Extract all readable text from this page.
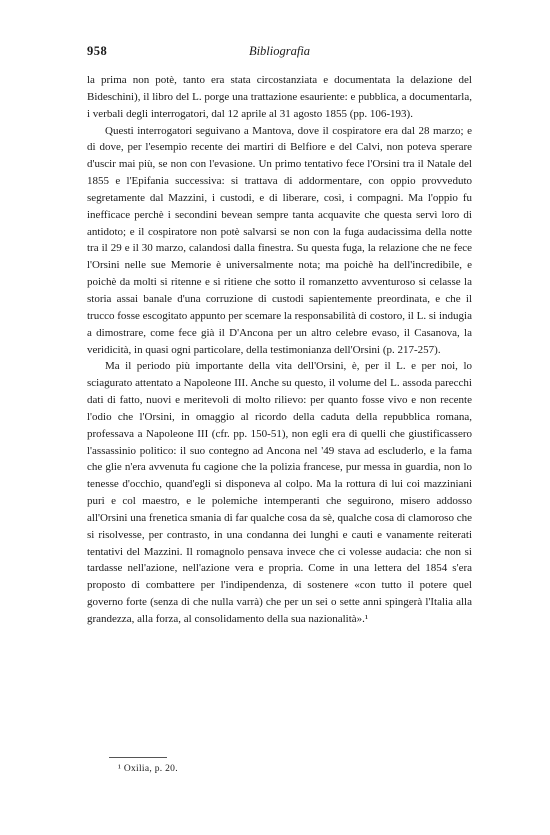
958	Bibliografia

la prima non potè, tanto era stata circostanziata e documentata la delazione del Bideschini), il libro del L. porge una trattazione esauriente: e pubblica, a documentarla, i verbali degli interrogatori, dal 12 aprile al 31 agosto 1855 (pp. 106-193).

Questi interrogatori seguivano a Mantova, dove il cospiratore era dal 28 marzo; e di dove, per l'esempio recente dei martiri di Belfiore e del Calvi, non poteva sperare d'uscir mai più, se non con l'evasione. Un primo tentativo fece l'Orsini tra il Natale del 1855 e l'Epifania successiva: si trattava di addormentare, con oppio provveduto segretamente dal Mazzini, i custodi, e di liberare, così, i compagni. Ma l'oppio fu inefficace perchè i secondini bevean sempre tanta acquavite che questa servì loro di antidoto; e il cospiratore non potè salvarsi se non con la fuga audacissima della notte tra il 29 e il 30 marzo, calandosi dalla finestra. Su questa fuga, la relazione che ne fece l'Orsini nelle sue Memorie è universalmente nota; ma poichè ha dell'incredibile, e poichè da molti si ritenne e si ritiene che sotto il romanzetto avventuroso si celasse la storia assai banale d'una corruzione di custodi sapientemente preordinata, e che il trucco fosse escogitato appunto per scemare la responsabilità di costoro, il L. si indugia a dimostrare, come fece già il D'Ancona per un altro celebre evaso, il Casanova, la veridicità, in quasi ogni particolare, della testimonianza dell'Orsini (p. 217-257).

Ma il periodo più importante della vita dell'Orsini, è, per il L. e per noi, lo sciagurato attentato a Napoleone III. Anche su questo, il volume del L. assoda parecchi dati di fatto, nuovi e meritevoli di molto rilievo: per quanto fosse vivo e non recente l'odio che l'Orsini, in omaggio al ricordo della caduta della repubblica romana, professava a Napoleone III (cfr. pp. 150-51), non egli era di quelli che giustificassero l'assassinio politico: il suo contegno ad Ancona nel '49 stava ad escluderlo, e la fama che glie n'era avvenuta fu cagione che la polizia francese, pur messa in guardia, non lo tenesse d'occhio, quand'egli si disponeva al colpo. Ma la rottura di lui coi mazziniani puri e col maestro, e le polemiche intemperanti che seguirono, misero addosso all'Orsini una frenetica smania di far qualche cosa da sè, qualche cosa di clamoroso che si risolvesse, per contrasto, in una condanna dei lunghi e cauti e vanamente reiterati tentativi del Mazzini. Il romagnolo pensava invece che ci volesse audacia: che non si tardasse nell'azione, nell'azione vera e propria. Come in una lettera del 1854 s'era proposto di combattere per l'indipendenza, di sostenere «con tutto il potere quel governo forte (senza di che nulla varrà) che per un sei o sette anni spingerà l'Italia alla grandezza, alla forza, al consolidamento della sua nazionalità».¹

¹ Oxilia, p. 20.
